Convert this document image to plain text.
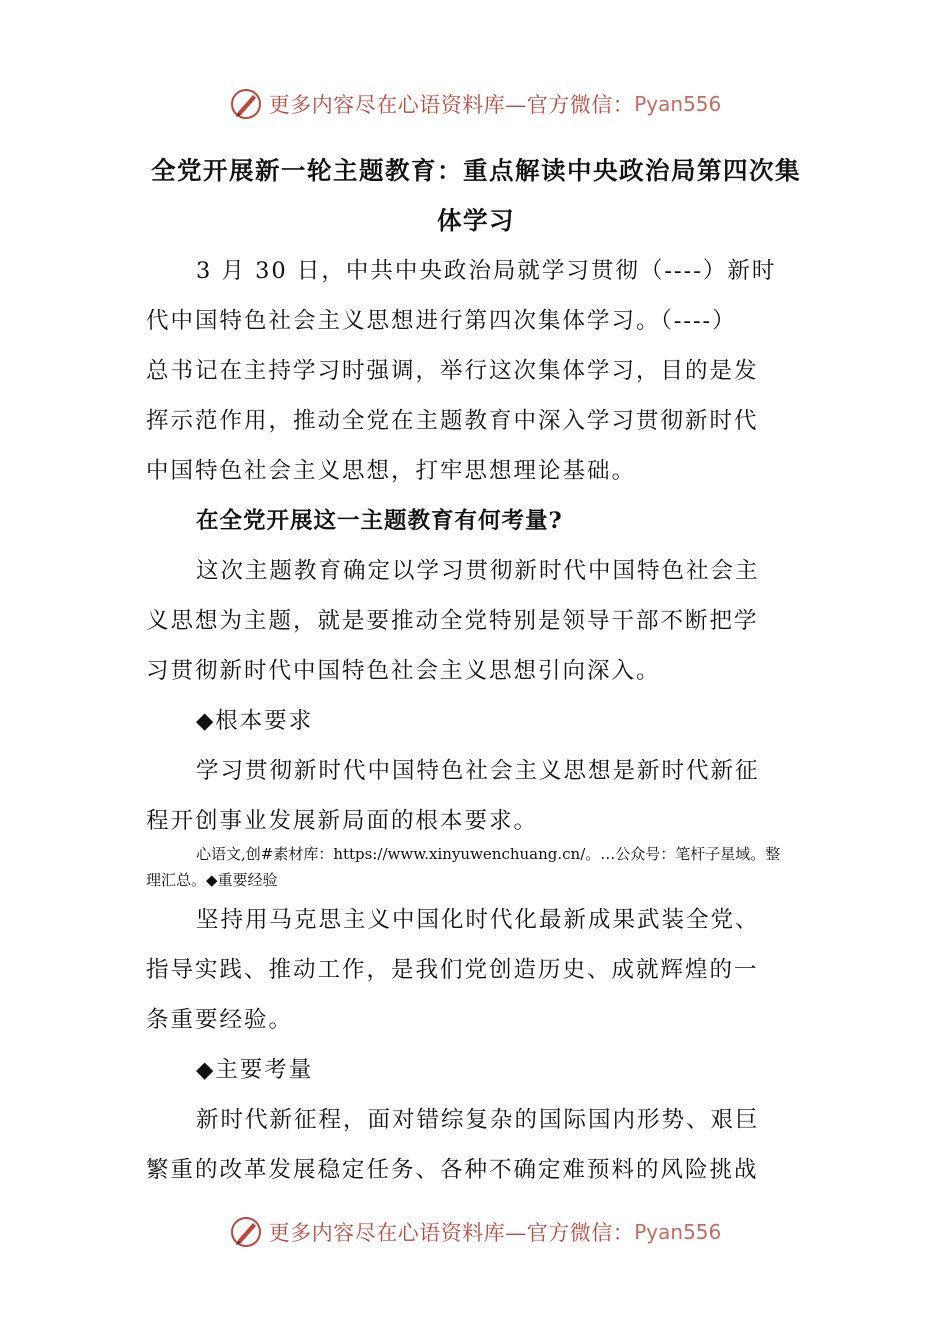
更多内容尽在心语资料库—官方微信： Pyan556
全党开展新一轮主题教育：重点解读中央政治局第四次集
体学习
3 月 30 日，中共中央政治局就学习贯彻（----）新时
代中国特色社会主义思想进行第四次集体学习。（----）
总书记在主持学习时强调，举行这次集体学习，目的是发
挥示范作用，推动全党在主题教育中深入学习贯彻新时代
中国特色社会主义思想，打牢思想理论基础。
在全党开展这一主题教育有何考量?
这次主题教育确定以学习贯彻新时代中国特色社会主
义思想为主题，就是要推动全党特别是领导干部不断把学
习贯彻新时代中国特色社会主义思想引向深入。
◆根本要求
学习贯彻新时代中国特色社会主义思想是新时代新征
程开创事业发展新局面的根本要求。
心语文,创#素材库：https://www.xinyuwenchuang.cn/。…公众号：笔杆子星域。整
理汇总。◆重要经验
坚持用马克思主义中国化时代化最新成果武装全党、
指导实践、推动工作，是我们党创造历史、成就辉煌的一
条重要经验。
◆主要考量
新时代新征程，面对错综复杂的国际国内形势、艰巨
繁重的改革发展稳定任务、各种不确定难预料的风险挑战
更多内容尽在心语资料库—官方微信： Pyan556
